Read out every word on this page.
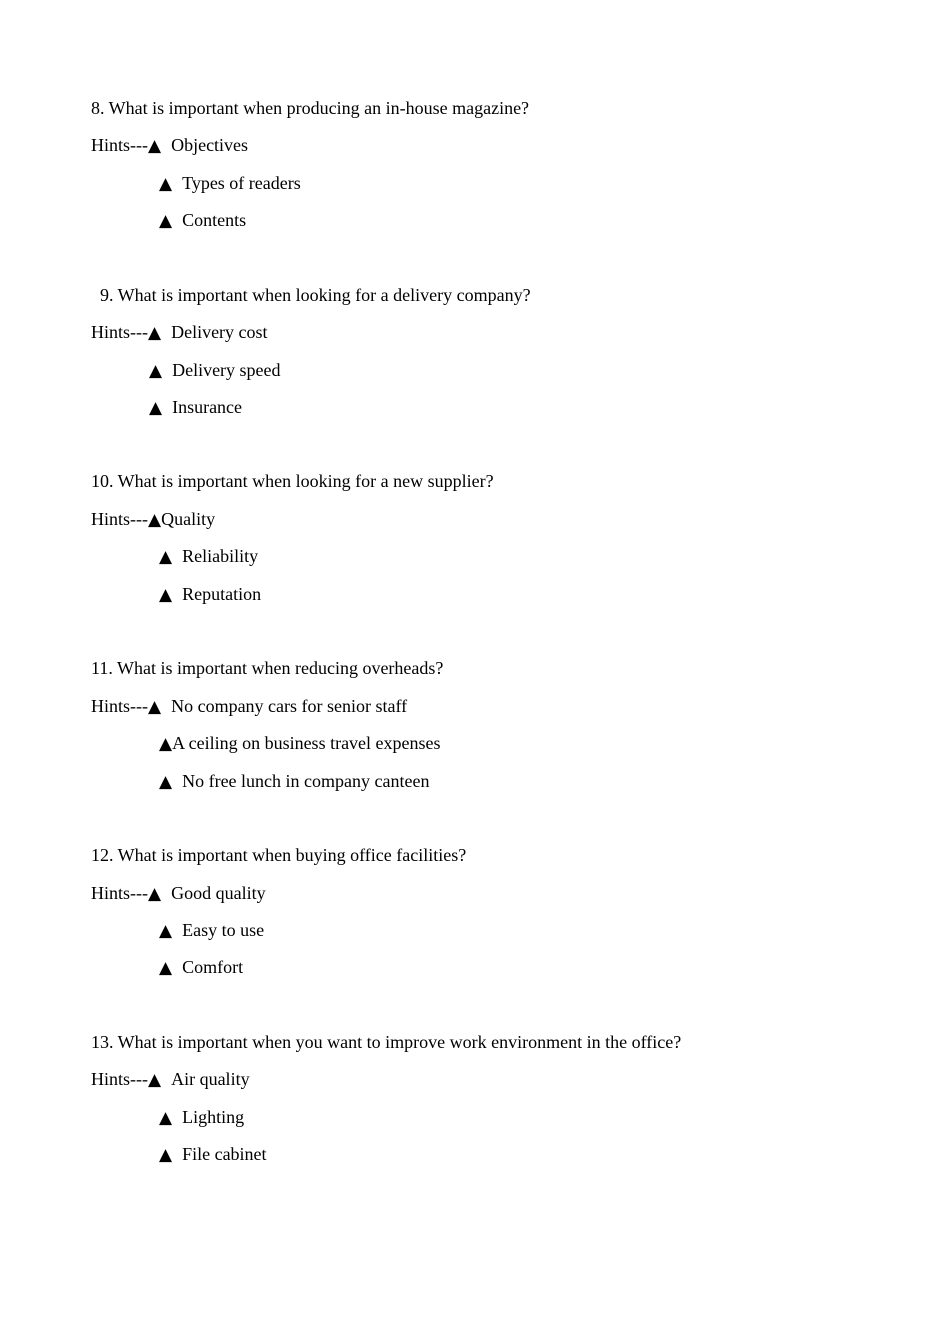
8. What is important when producing an in-house magazine?
Hints---▲ Objectives
▲ Types of readers
▲ Contents
9. What is important when looking for a delivery company?
Hints---▲ Delivery cost
▲ Delivery speed
▲ Insurance
10. What is important when looking for a new supplier?
Hints---▲Quality
▲ Reliability
▲ Reputation
11. What is important when reducing overheads?
Hints---▲ No company cars for senior staff
▲A ceiling on business travel expenses
▲ No free lunch in company canteen
12. What is important when buying office facilities?
Hints---▲ Good quality
▲ Easy to use
▲ Comfort
13. What is important when you want to improve work environment in the office?
Hints---▲ Air quality
▲ Lighting
▲ File cabinet
